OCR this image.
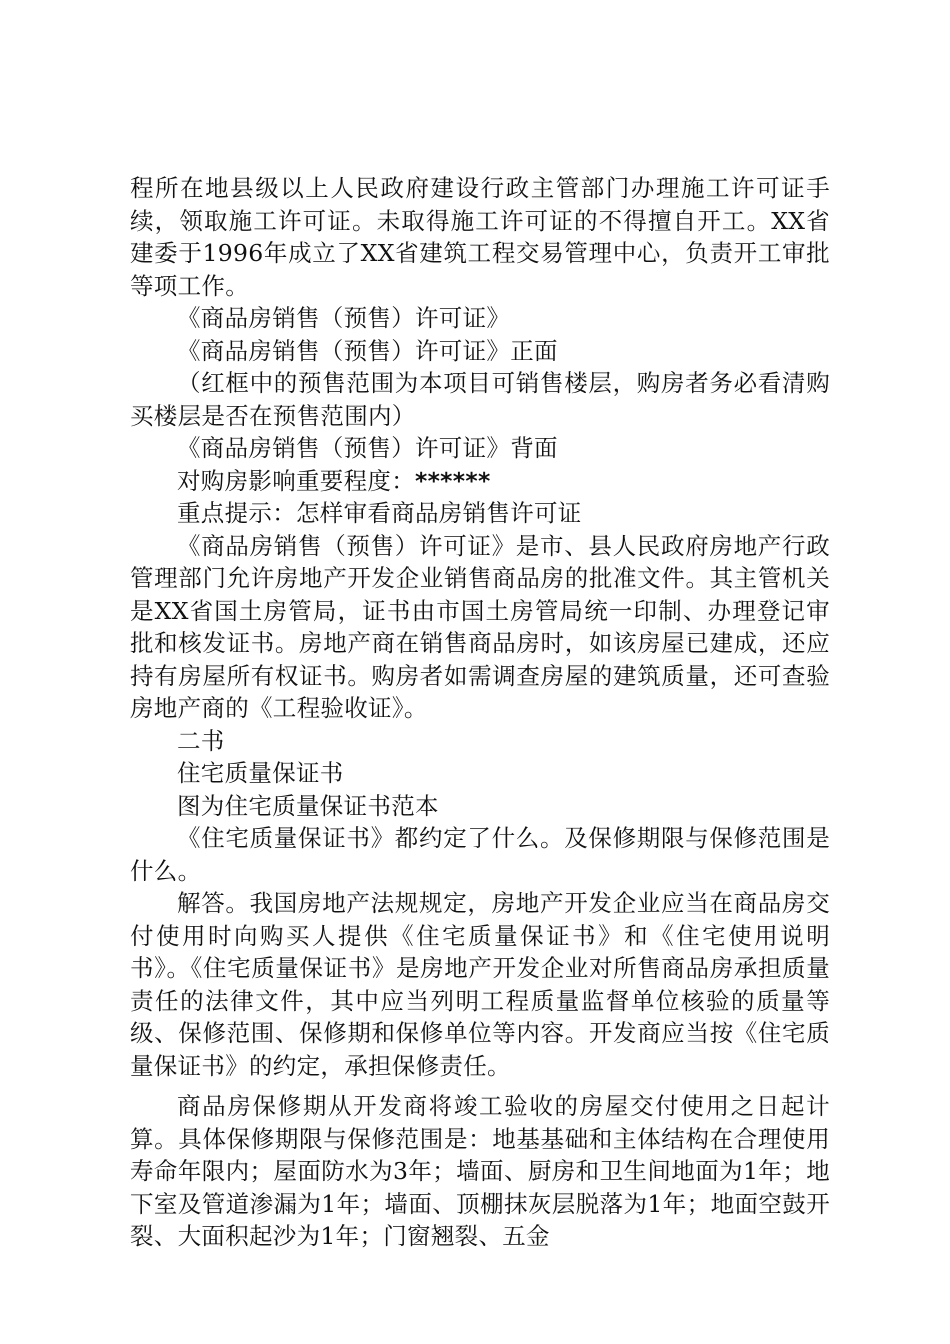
程所在地县级以上人民政府建设行政主管部门办理施工许可证手续，领取施工许可证。未取得施工许可证的不得擅自开工。XX省建委于1996年成立了XX省建筑工程交易管理中心，负责开工审批等项工作。

《商品房销售（预售）许可证》

《商品房销售（预售）许可证》正面

（红框中的预售范围为本项目可销售楼层，购房者务必看清购买楼层是否在预售范围内）

《商品房销售（预售）许可证》背面

对购房影响重要程度：******

重点提示：怎样审看商品房销售许可证

《商品房销售（预售）许可证》是市、县人民政府房地产行政管理部门允许房地产开发企业销售商品房的批准文件。其主管机关是XX省国土房管局，证书由市国土房管局统一印制、办理登记审批和核发证书。房地产商在销售商品房时，如该房屋已建成，还应持有房屋所有权证书。购房者如需调查房屋的建筑质量，还可查验房地产商的《工程验收证》。

二书

住宅质量保证书

图为住宅质量保证书范本

《住宅质量保证书》都约定了什么。及保修期限与保修范围是什么。

解答。我国房地产法规规定，房地产开发企业应当在商品房交付使用时向购买人提供《住宅质量保证书》和《住宅使用说明书》。《住宅质量保证书》是房地产开发企业对所售商品房承担质量责任的法律文件，其中应当列明工程质量监督单位核验的质量等级、保修范围、保修期和保修单位等内容。开发商应当按《住宅质量保证书》的约定，承担保修责任。

商品房保修期从开发商将竣工验收的房屋交付使用之日起计算。具体保修期限与保修范围是：地基基础和主体结构在合理使用寿命年限内；屋面防水为3年；墙面、厨房和卫生间地面为1年；地下室及管道渗漏为1年；墙面、顶棚抹灰层脱落为1年；地面空鼓开裂、大面积起沙为1年；门窗翘裂、五金
